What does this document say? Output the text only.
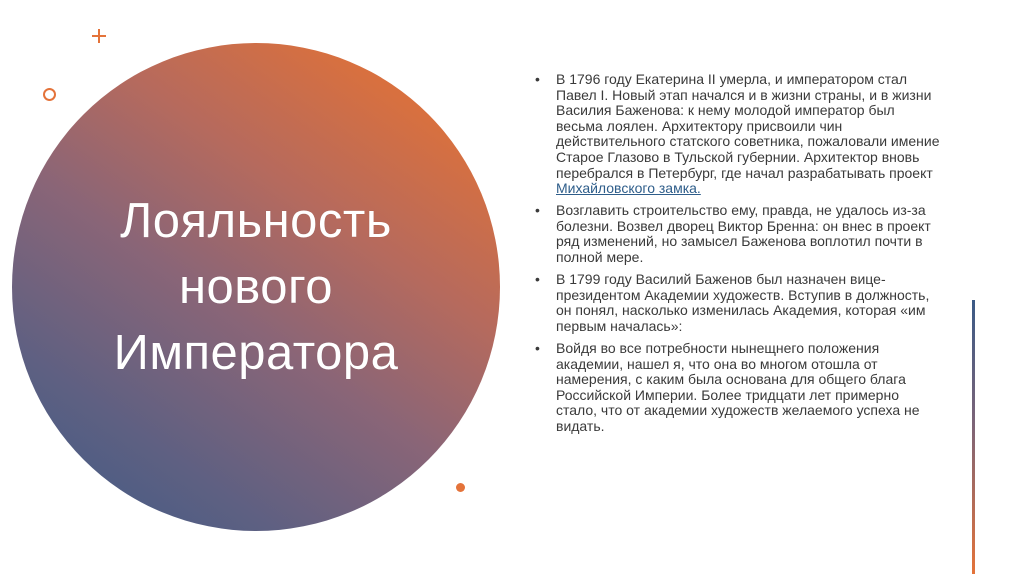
Лояльность
нового
Императора
• В 1796 году Екатерина II умерла, и императором стал Павел I. Новый этап начался и в жизни страны, и в жизни Василия Баженова: к нему молодой император был весьма лоялен. Архитектору присвоили чин действительного статского советника, пожаловали имение Старое Глазово в Тульской губернии. Архитектор вновь перебрался в Петербург, где начал разрабатывать проект Михайловского замка.
• Возглавить строительство ему, правда, не удалось из-за болезни. Возвел дворец Виктор Бренна: он внес в проект ряд изменений, но замысел Баженова воплотил почти в полной мере.
• В 1799 году Василий Баженов был назначен вице-президентом Академии художеств. Вступив в должность, он понял, насколько изменилась Академия, которая «им первым началась»:
• Войдя во все потребности нынещнего положения академии, нашел я, что она во многом отошла от намерения, с каким была основана для общего блага Российской Империи. Более тридцати лет примерно стало, что от академии художеств желаемого успеха не видать.
